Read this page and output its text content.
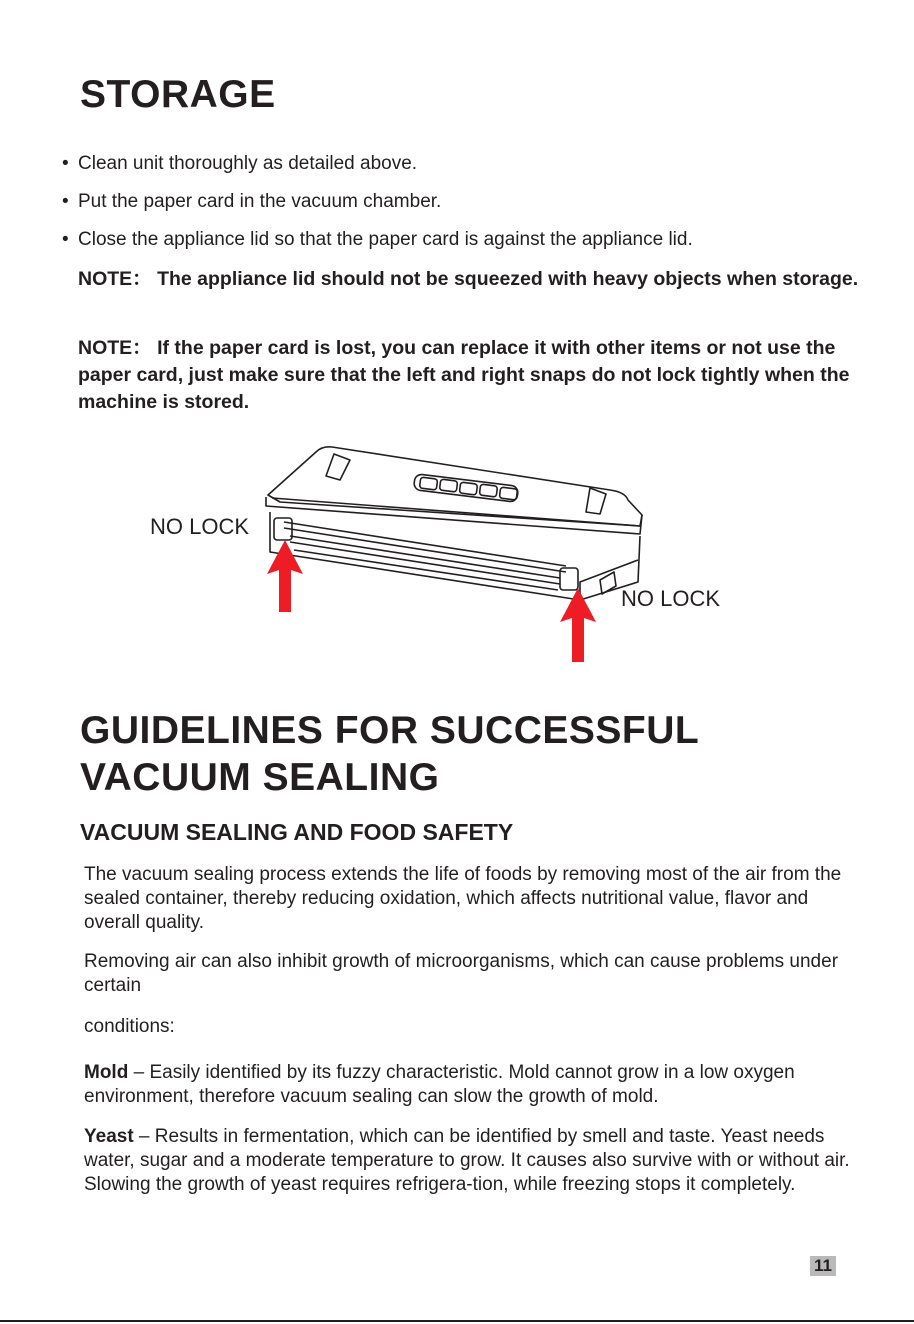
STORAGE
• Clean unit thoroughly as detailed above.
• Put the paper card in the vacuum chamber.
• Close the appliance lid so that the paper card is against the appliance lid.
NOTE： The appliance lid should not be squeezed with heavy objects when storage.
NOTE： If the paper card is lost, you can replace it with other items or not use the paper card, just make sure that the left and right snaps do not lock tightly when the machine is stored.
NO LOCK
NO LOCK
GUIDELINES FOR SUCCESSFUL
VACUUM SEALING
VACUUM SEALING AND FOOD SAFETY
The vacuum sealing process extends the life of foods by removing most of the air from the sealed container, thereby reducing oxidation, which affects nutritional value, flavor and overall quality.
Removing air can also inhibit growth of microorganisms, which can cause problems under certain
conditions:
Mold – Easily identified by its fuzzy characteristic. Mold cannot grow in a low oxygen environment, therefore vacuum sealing can slow the growth of mold.
Yeast – Results in fermentation, which can be identified by smell and taste. Yeast needs water, sugar and a moderate temperature to grow. It causes also survive with or without air. Slowing the growth of yeast requires refrigera-tion, while freezing stops it completely.
11
